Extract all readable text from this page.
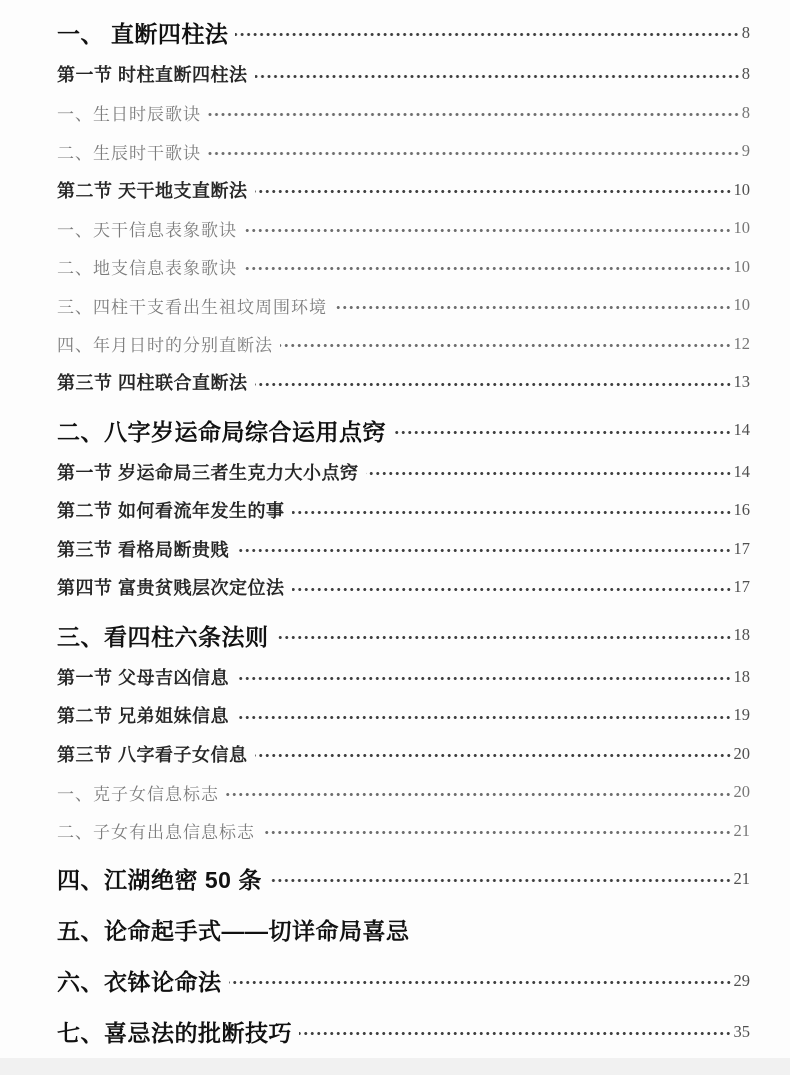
一、 直断四柱法	8
第一节 时柱直断四柱法	8
一、生日时辰歌诀	8
二、生辰时干歌诀	9
第二节 天干地支直断法	10
一、天干信息表象歌诀	10
二、地支信息表象歌诀	10
三、四柱干支看出生祖坟周围环境	10
四、年月日时的分别直断法	12
第三节 四柱联合直断法	13
二、八字岁运命局综合运用点窍	14
第一节 岁运命局三者生克力大小点窍	14
第二节 如何看流年发生的事	16
第三节 看格局断贵贱	17
第四节 富贵贫贱层次定位法	17
三、看四柱六条法则	18
第一节 父母吉凶信息	18
第二节 兄弟姐妹信息	19
第三节 八字看子女信息	20
一、克子女信息标志	20
二、子女有出息信息标志	21
四、江湖绝密 50 条	21
五、论命起手式——切详命局喜忌
六、衣钵论命法	29
七、喜忌法的批断技巧	35
